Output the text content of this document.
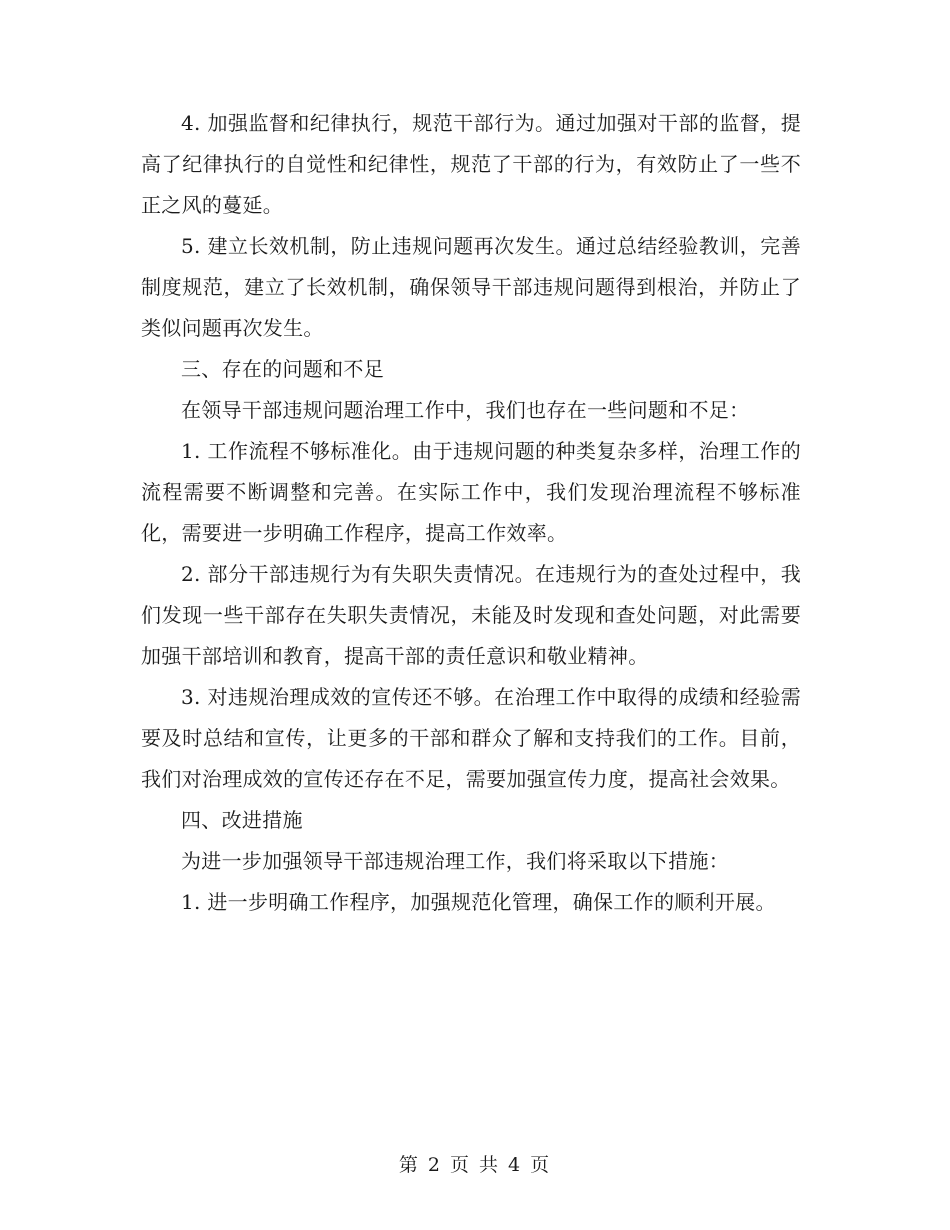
4. 加强监督和纪律执行，规范干部行为。通过加强对干部的监督，提高了纪律执行的自觉性和纪律性，规范了干部的行为，有效防止了一些不正之风的蔓延。

5. 建立长效机制，防止违规问题再次发生。通过总结经验教训，完善制度规范，建立了长效机制，确保领导干部违规问题得到根治，并防止了类似问题再次发生。

三、存在的问题和不足

在领导干部违规问题治理工作中，我们也存在一些问题和不足：

1. 工作流程不够标准化。由于违规问题的种类复杂多样，治理工作的流程需要不断调整和完善。在实际工作中，我们发现治理流程不够标准化，需要进一步明确工作程序，提高工作效率。

2. 部分干部违规行为有失职失责情况。在违规行为的查处过程中，我们发现一些干部存在失职失责情况，未能及时发现和查处问题，对此需要加强干部培训和教育，提高干部的责任意识和敬业精神。

3. 对违规治理成效的宣传还不够。在治理工作中取得的成绩和经验需要及时总结和宣传，让更多的干部和群众了解和支持我们的工作。目前，我们对治理成效的宣传还存在不足，需要加强宣传力度，提高社会效果。

四、改进措施

为进一步加强领导干部违规治理工作，我们将采取以下措施：

1. 进一步明确工作程序，加强规范化管理，确保工作的顺利开展。

第 2 页 共 4 页
